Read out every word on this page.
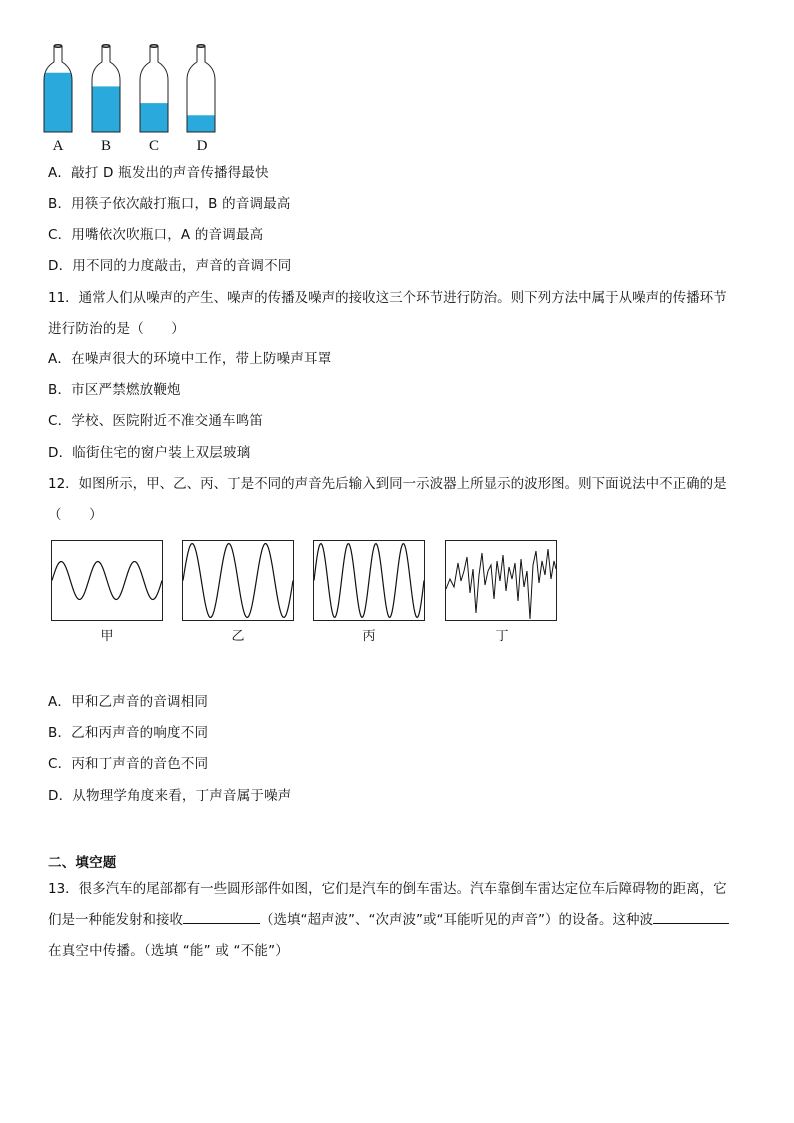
A	B	C	D
A．敲打 D 瓶发出的声音传播得最快
B．用筷子依次敲打瓶口，B 的音调最高
C．用嘴依次吹瓶口，A 的音调最高
D．用不同的力度敲击，声音的音调不同
11．通常人们从噪声的产生、噪声的传播及噪声的接收这三个环节进行防治。则下列方法中属于从噪声的传播环节
进行防治的是（　　）
A．在噪声很大的环境中工作，带上防噪声耳罩
B．市区严禁燃放鞭炮
C．学校、医院附近不准交通车鸣笛
D．临街住宅的窗户装上双层玻璃
12．如图所示，甲、乙、丙、丁是不同的声音先后输入到同一示波器上所显示的波形图。则下面说法中不正确的是
（　　）
甲	乙	丙	丁
A．甲和乙声音的音调相同
B．乙和丙声音的响度不同
C．丙和丁声音的音色不同
D．从物理学角度来看，丁声音属于噪声
二、填空题
13．很多汽车的尾部都有一些圆形部件如图，它们是汽车的倒车雷达。汽车靠倒车雷达定位车后障碍物的距离，它
们是一种能发射和接收	（选填“超声波”、“次声波”或“耳能听见的声音”）的设备。这种波
在真空中传播。（选填 “能” 或 “不能”）
